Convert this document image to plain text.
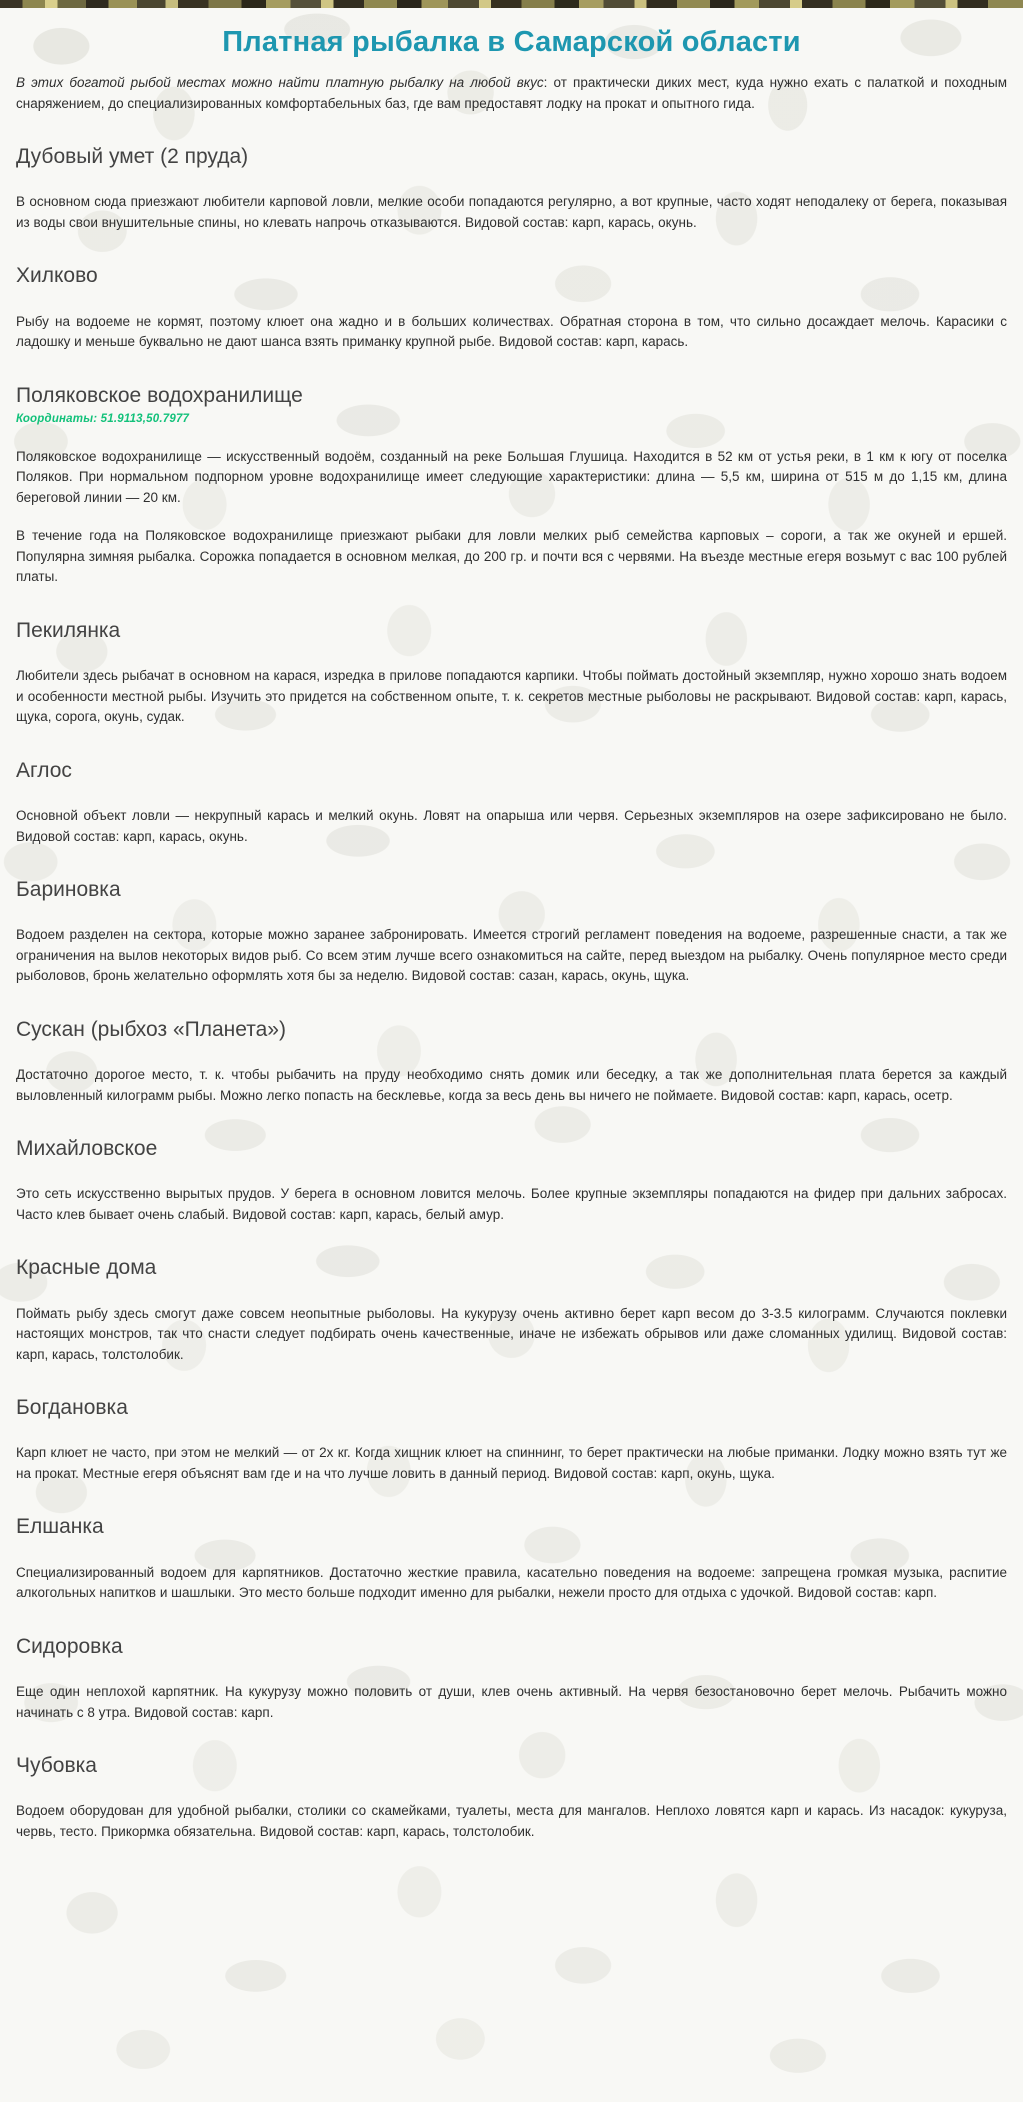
Платная рыбалка в Самарской области

В этих богатой рыбой местах можно найти платную рыбалку на любой вкус: от практически диких мест, куда нужно ехать с палаткой и походным снаряжением, до специализированных комфортабельных баз, где вам предоставят лодку на прокат и опытного гида.

Дубовый умет (2 пруда)

В основном сюда приезжают любители карповой ловли, мелкие особи попадаются регулярно, а вот крупные, часто ходят неподалеку от берега, показывая из воды свои внушительные спины, но клевать напрочь отказываются. Видовой состав: карп, карась, окунь.

Хилково

Рыбу на водоеме не кормят, поэтому клюет она жадно и в больших количествах. Обратная сторона в том, что сильно досаждает мелочь. Карасики с ладошку и меньше буквально не дают шанса взять приманку крупной рыбе. Видовой состав: карп, карась.

Поляковское водохранилище

Координаты: 51.9113,50.7977

Поляковское водохранилище — искусственный водоём, созданный на реке Большая Глушица. Находится в 52 км от устья реки, в 1 км к югу от поселка Поляков. При нормальном подпорном уровне водохранилище имеет следующие характеристики: длина — 5,5 км, ширина от 515 м до 1,15 км, длина береговой линии — 20 км.

В течение года на Поляковское водохранилище приезжают рыбаки для ловли мелких рыб семейства карповых – сороги, а так же окуней и ершей. Популярна зимняя рыбалка. Сорожка попадается в основном мелкая, до 200 гр. и почти вся с червями. На въезде местные егеря возьмут с вас 100 рублей платы.

Пекилянка

Любители здесь рыбачат в основном на карася, изредка в прилове попадаются карпики. Чтобы поймать достойный экземпляр, нужно хорошо знать водоем и особенности местной рыбы. Изучить это придется на собственном опыте, т. к. секретов местные рыболовы не раскрывают. Видовой состав: карп, карась, щука, сорога, окунь, судак.

Аглос

Основной объект ловли — некрупный карась и мелкий окунь. Ловят на опарыша или червя. Серьезных экземпляров на озере зафиксировано не было. Видовой состав: карп, карась, окунь.

Бариновка

Водоем разделен на сектора, которые можно заранее забронировать. Имеется строгий регламент поведения на водоеме, разрешенные снасти, а так же ограничения на вылов некоторых видов рыб. Со всем этим лучше всего ознакомиться на сайте, перед выездом на рыбалку. Очень популярное место среди рыболовов, бронь желательно оформлять хотя бы за неделю. Видовой состав: сазан, карась, окунь, щука.

Сускан (рыбхоз «Планета»)

Достаточно дорогое место, т. к. чтобы рыбачить на пруду необходимо снять домик или беседку, а так же дополнительная плата берется за каждый выловленный килограмм рыбы. Можно легко попасть на бесклевье, когда за весь день вы ничего не поймаете. Видовой состав: карп, карась, осетр.

Михайловское

Это сеть искусственно вырытых прудов. У берега в основном ловится мелочь. Более крупные экземпляры попадаются на фидер при дальних забросах. Часто клев бывает очень слабый. Видовой состав: карп, карась, белый амур.

Красные дома

Поймать рыбу здесь смогут даже совсем неопытные рыболовы. На кукурузу очень активно берет карп весом до 3-3.5 килограмм. Случаются поклевки настоящих монстров, так что снасти следует подбирать очень качественные, иначе не избежать обрывов или даже сломанных удилищ. Видовой состав: карп, карась, толстолобик.

Богдановка

Карп клюет не часто, при этом не мелкий — от 2х кг. Когда хищник клюет на спиннинг, то берет практически на любые приманки. Лодку можно взять тут же на прокат. Местные егеря объяснят вам где и на что лучше ловить в данный период. Видовой состав: карп, окунь, щука.

Елшанка

Специализированный водоем для карпятников. Достаточно жесткие правила, касательно поведения на водоеме: запрещена громкая музыка, распитие алкогольных напитков и шашлыки. Это место больше подходит именно для рыбалки, нежели просто для отдыха с удочкой. Видовой состав: карп.

Сидоровка

Еще один неплохой карпятник. На кукурузу можно половить от души, клев очень активный. На червя безостановочно берет мелочь. Рыбачить можно начинать с 8 утра. Видовой состав: карп.

Чубовка

Водоем оборудован для удобной рыбалки, столики со скамейками, туалеты, места для мангалов. Неплохо ловятся карп и карась. Из насадок: кукуруза, червь, тесто. Прикормка обязательна. Видовой состав: карп, карась, толстолобик.
